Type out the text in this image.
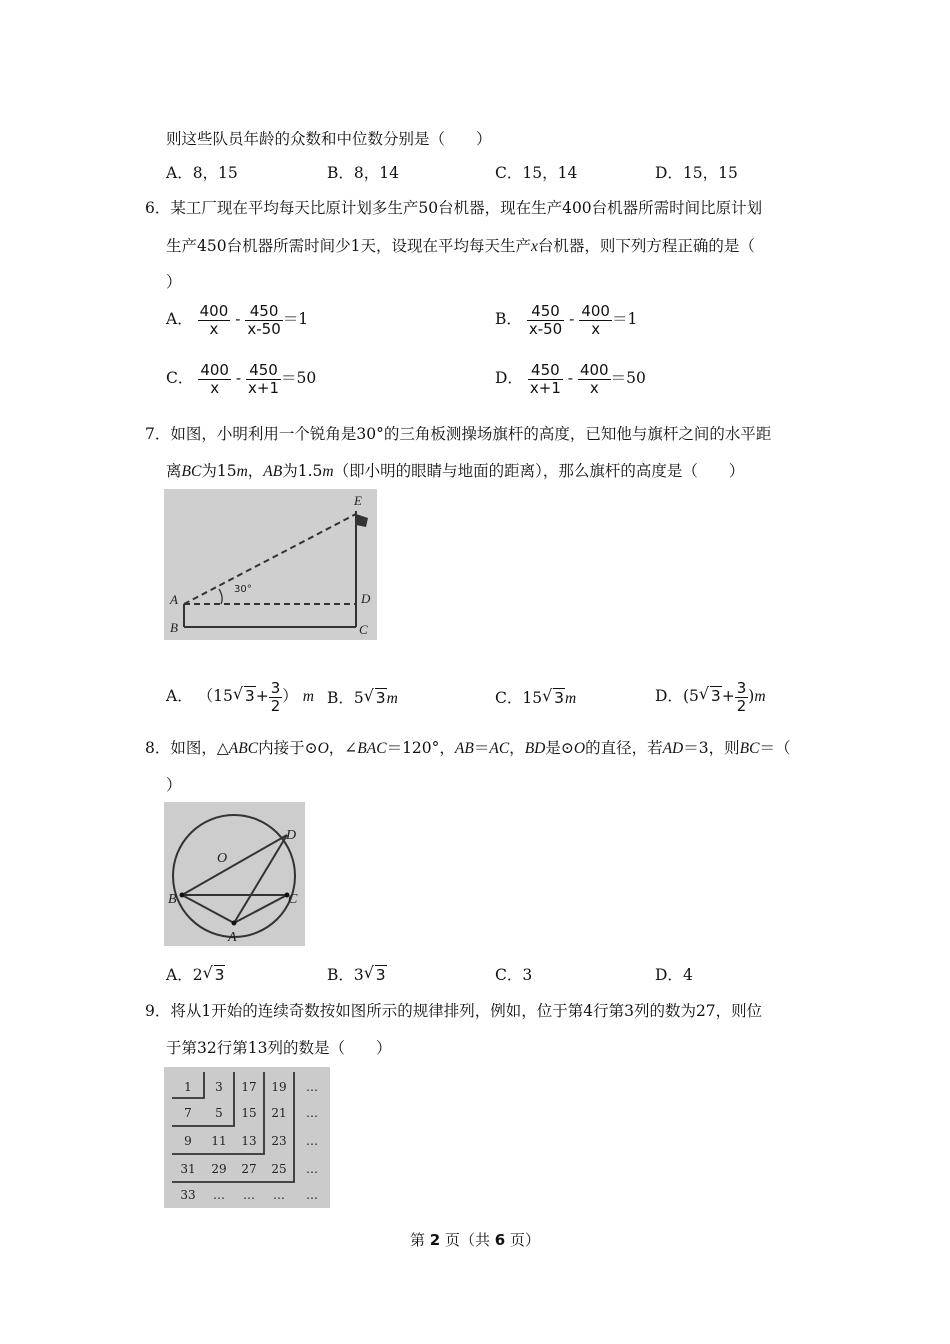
则这些队员年龄的众数和中位数分别是（　　）
A．8，15	B．8，14	C．15，14	D．15，15
6．某工厂现在平均每天比原计划多生产50台机器，现在生产400台机器所需时间比原计划
生产450台机器所需时间少1天，设现在平均每天生产x台机器，则下列方程正确的是（
）
A． $\frac{400}{x} - \frac{450}{x-50} =1$	B． $\frac{450}{x-50} - \frac{400}{x} =1$
C． $\frac{400}{x} - \frac{450}{x+1} =50$	D． $\frac{450}{x+1} - \frac{400}{x} =50$
7．如图，小明利用一个锐角是30°的三角板测操场旗杆的高度，已知他与旗杆之间的水平距
离BC为15m，AB为1.5m（即小明的眼睛与地面的距离），那么旗杆的高度是（　　）
30°
E
D
C
A
B
A． （15 √ $3+ \frac{3}{2}$ ） m B．5 √ 3m	C．15 √ 3m	D．(5 √ $3+ \frac{3}{2} )m$
8．如图，△ABC内接于⊙O，∠BAC＝120°，AB＝AC，BD是⊙O的直径，若AD＝3，则BC＝（
）
O
D
B	C
A
A．2 √ 3	B．3 √ 3	C．3	D．4
9．将从1开始的连续奇数按如图所示的规律排列，例如，位于第4行第3列的数为27，则位
于第32行第13列的数是（　　）
1 3 17 19 …
7 5 15 21 …
9 11 13 23 …
31 29 27 25 …
33 … … … …
第 2 页（共 6 页）
